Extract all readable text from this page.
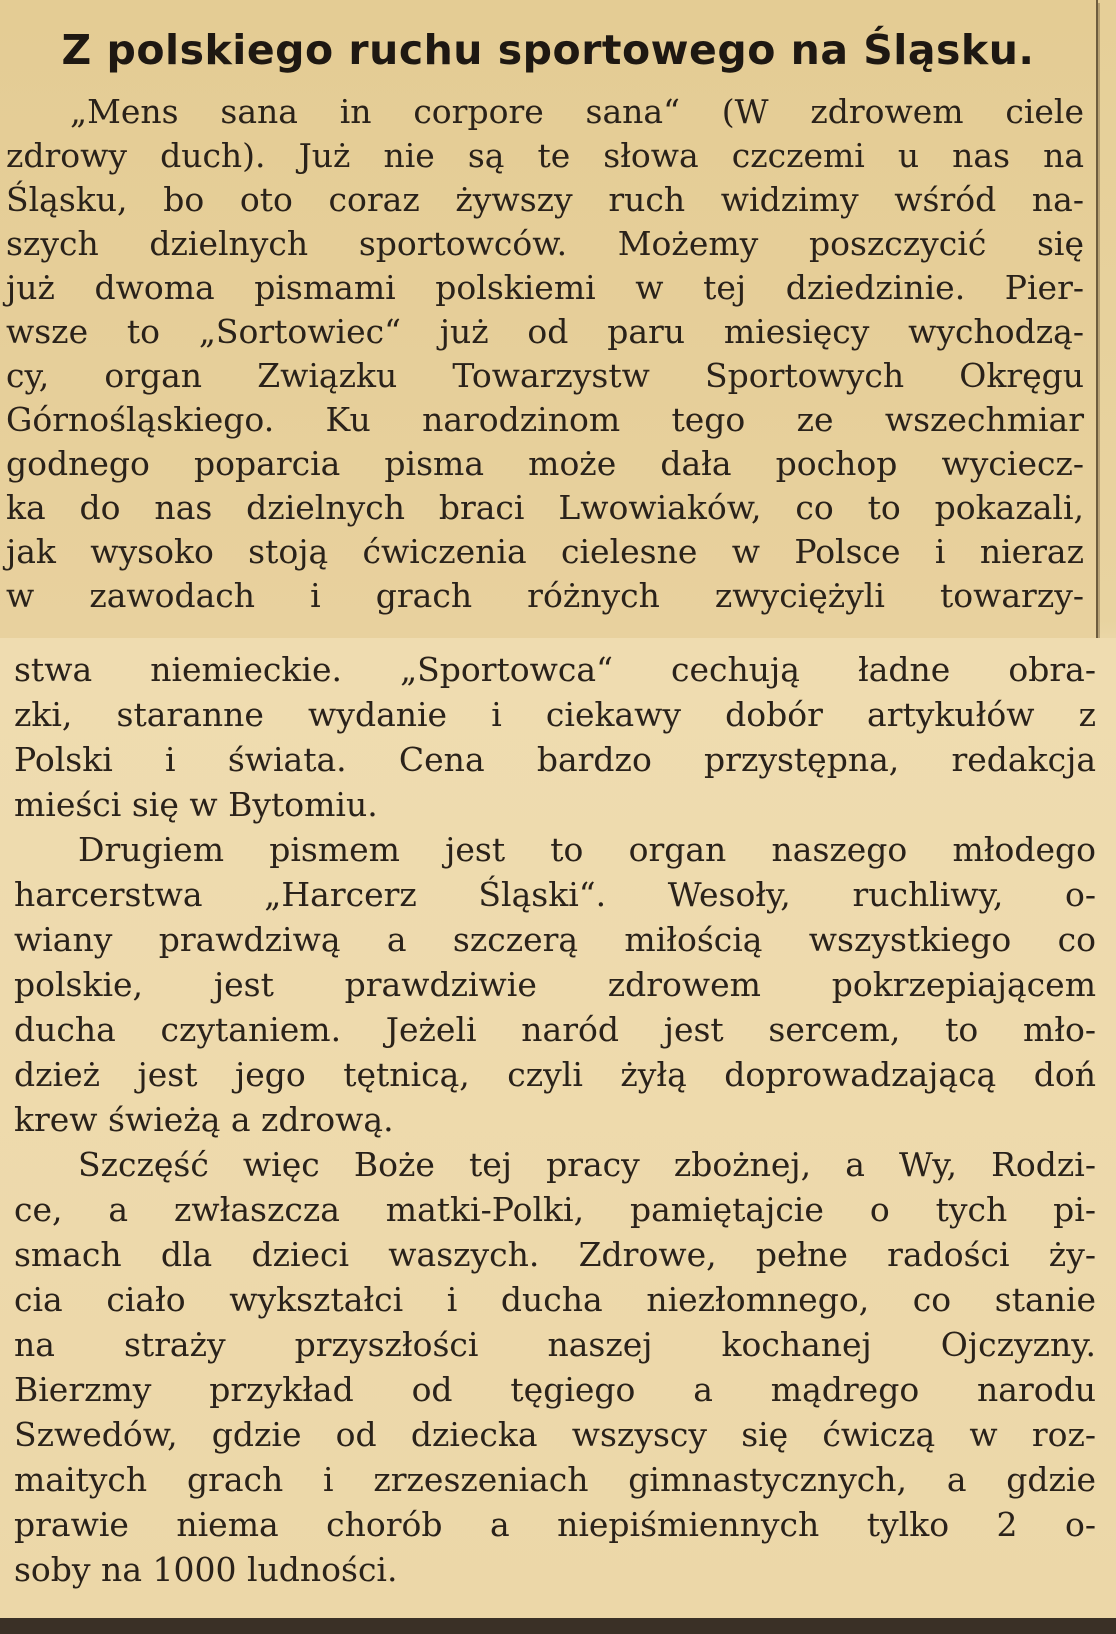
Z polskiego ruchu sportowego na Śląsku.
„Mens sana in corpore sana“ (W zdrowem ciele
zdrowy duch). Już nie są te słowa czczemi u nas na
Śląsku, bo oto coraz żywszy ruch widzimy wśród na-
szych dzielnych sportowców. Możemy poszczycić się
już dwoma pismami polskiemi w tej dziedzinie. Pier-
wsze to „Sortowiec“ już od paru miesięcy wychodzą-
cy, organ Związku Towarzystw Sportowych Okręgu
Górnośląskiego. Ku narodzinom tego ze wszechmiar
godnego poparcia pisma może dała pochop wyciecz-
ka do nas dzielnych braci Lwowiaków, co to pokazali,
jak wysoko stoją ćwiczenia cielesne w Polsce i nieraz
w zawodach i grach różnych zwyciężyli towarzy-
stwa niemieckie. „Sportowca“ cechują ładne obra-
zki, staranne wydanie i ciekawy dobór artykułów z
Polski i świata. Cena bardzo przystępna, redakcja
mieści się w Bytomiu.
Drugiem pismem jest to organ naszego młodego
harcerstwa „Harcerz Śląski“. Wesoły, ruchliwy, o-
wiany prawdziwą a szczerą miłością wszystkiego co
polskie, jest prawdziwie zdrowem pokrzepiającem
ducha czytaniem. Jeżeli naród jest sercem, to mło-
dzież jest jego tętnicą, czyli żyłą doprowadzającą doń
krew świeżą a zdrową.
Szczęść więc Boże tej pracy zbożnej, a Wy, Rodzi-
ce, a zwłaszcza matki-Polki, pamiętajcie o tych pi-
smach dla dzieci waszych. Zdrowe, pełne radości ży-
cia ciało wykształci i ducha niezłomnego, co stanie
na straży przyszłości naszej kochanej Ojczyzny.
Bierzmy przykład od tęgiego a mądrego narodu
Szwedów, gdzie od dziecka wszyscy się ćwiczą w roz-
maitych grach i zrzeszeniach gimnastycznych, a gdzie
prawie niema chorób a niepiśmiennych tylko 2 o-
soby na 1000 ludności.
